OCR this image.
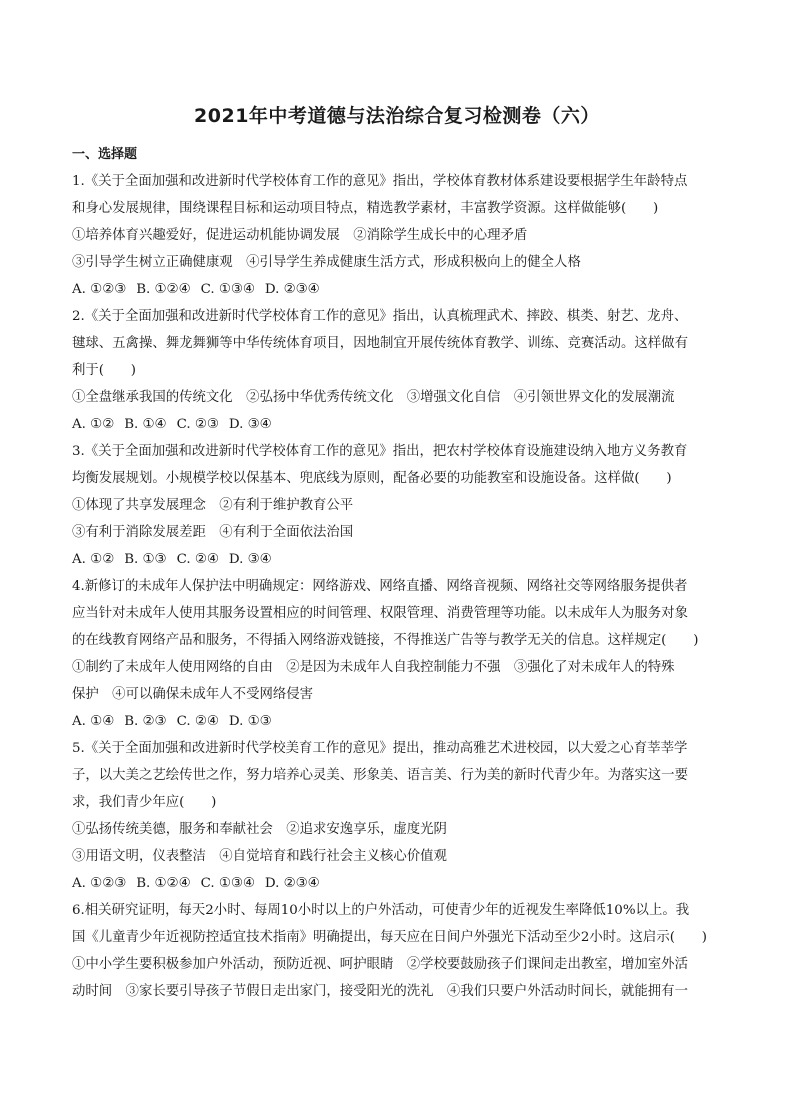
2021年中考道德与法治综合复习检测卷（六）
一、选择题
1.《关于全面加强和改进新时代学校体育工作的意见》指出，学校体育教材体系建设要根据学生年龄特点
和身心发展规律，围绕课程目标和运动项目特点，精选教学素材，丰富教学资源。这样做能够(　　)
①培养体育兴趣爱好，促进运动机能协调发展　②消除学生成长中的心理矛盾
③引导学生树立正确健康观　④引导学生养成健康生活方式，形成积极向上的健全人格
A. ①②③ B. ①②④ C. ①③④ D. ②③④
2.《关于全面加强和改进新时代学校体育工作的意见》指出，认真梳理武术、摔跤、棋类、射艺、龙舟、
毽球、五禽操、舞龙舞狮等中华传统体育项目，因地制宜开展传统体育教学、训练、竞赛活动。这样做有
利于(　　)
①全盘继承我国的传统文化　②弘扬中华优秀传统文化　③增强文化自信　④引领世界文化的发展潮流
A. ①② B. ①④ C. ②③ D. ③④
3.《关于全面加强和改进新时代学校体育工作的意见》指出，把农村学校体育设施建设纳入地方义务教育
均衡发展规划。小规模学校以保基本、兜底线为原则，配备必要的功能教室和设施设备。这样做(　　)
①体现了共享发展理念　②有利于维护教育公平
③有利于消除发展差距　④有利于全面依法治国
A. ①② B. ①③ C. ②④ D. ③④
4.新修订的未成年人保护法中明确规定：网络游戏、网络直播、网络音视频、网络社交等网络服务提供者
应当针对未成年人使用其服务设置相应的时间管理、权限管理、消费管理等功能。以未成年人为服务对象
的在线教育网络产品和服务，不得插入网络游戏链接，不得推送广告等与教学无关的信息。这样规定(　　)
①制约了未成年人使用网络的自由　②是因为未成年人自我控制能力不强　③强化了对未成年人的特殊
保护　④可以确保未成年人不受网络侵害
A. ①④ B. ②③ C. ②④ D. ①③
5.《关于全面加强和改进新时代学校美育工作的意见》提出，推动高雅艺术进校园，以大爱之心育莘莘学
子，以大美之艺绘传世之作，努力培养心灵美、形象美、语言美、行为美的新时代青少年。为落实这一要
求，我们青少年应(　　)
①弘扬传统美德，服务和奉献社会　②追求安逸享乐，虚度光阴
③用语文明，仪表整洁　④自觉培育和践行社会主义核心价值观
A. ①②③ B. ①②④ C. ①③④ D. ②③④
6.相关研究证明，每天2小时、每周10小时以上的户外活动，可使青少年的近视发生率降低10%以上。我
国《儿童青少年近视防控适宜技术指南》明确提出，每天应在日间户外强光下活动至少2小时。这启示(　　)
①中小学生要积极参加户外活动，预防近视、呵护眼睛　②学校要鼓励孩子们课间走出教室，增加室外活
动时间　③家长要引导孩子节假日走出家门，接受阳光的洗礼　④我们只要户外活动时间长，就能拥有一
